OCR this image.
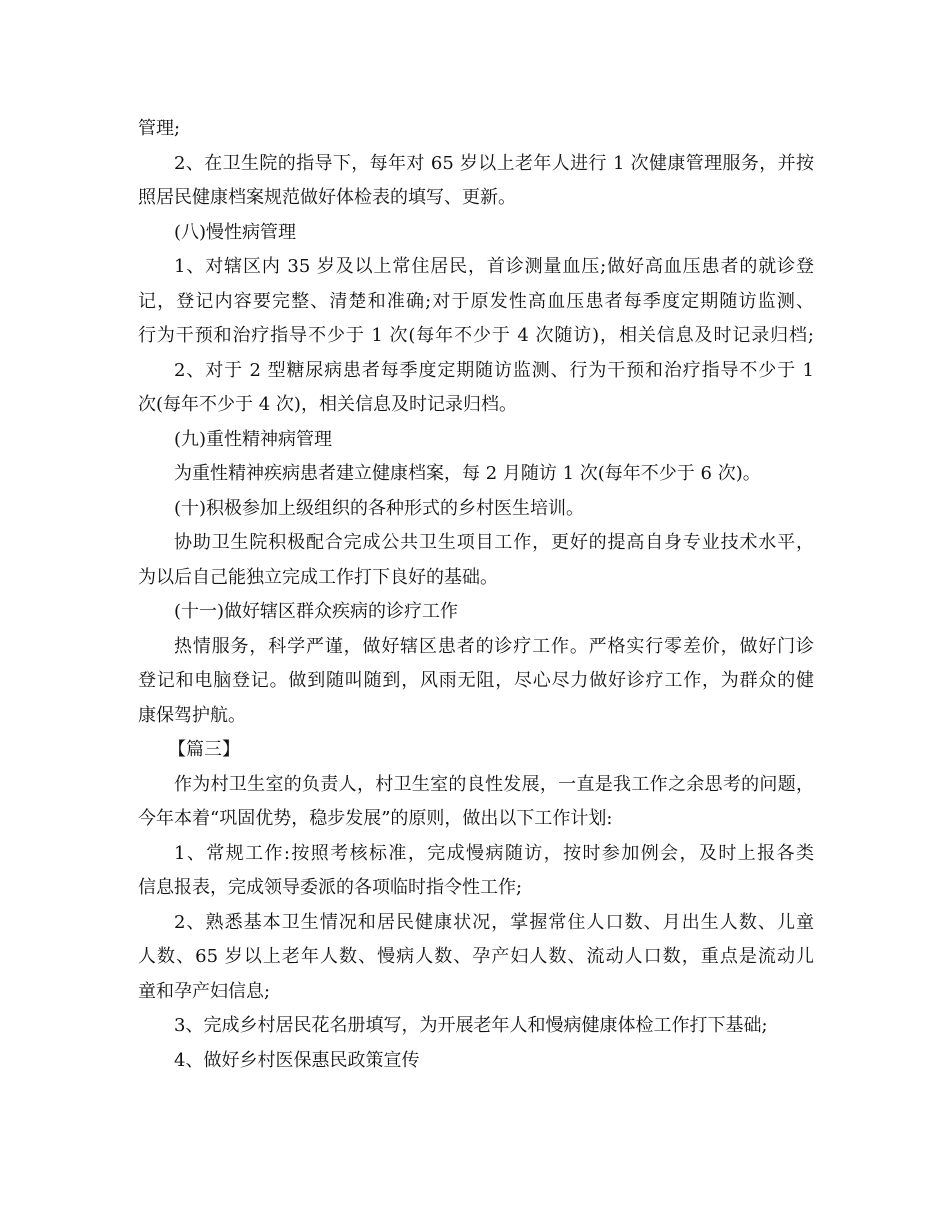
管理;

2、在卫生院的指导下，每年对 65 岁以上老年人进行 1 次健康管理服务，并按

照居民健康档案规范做好体检表的填写、更新。

(八)慢性病管理

1、对辖区内 35 岁及以上常住居民，首诊测量血压;做好高血压患者的就诊登

记，登记内容要完整、清楚和准确;对于原发性高血压患者每季度定期随访监测、

行为干预和治疗指导不少于 1 次(每年不少于 4 次随访)，相关信息及时记录归档;

2、对于 2 型糖尿病患者每季度定期随访监测、行为干预和治疗指导不少于 1

次(每年不少于 4 次)，相关信息及时记录归档。

(九)重性精神病管理

为重性精神疾病患者建立健康档案，每 2 月随访 1 次(每年不少于 6 次)。

(十)积极参加上级组织的各种形式的乡村医生培训。

协助卫生院积极配合完成公共卫生项目工作，更好的提高自身专业技术水平，

为以后自己能独立完成工作打下良好的基础。

(十一)做好辖区群众疾病的诊疗工作

热情服务，科学严谨，做好辖区患者的诊疗工作。严格实行零差价，做好门诊

登记和电脑登记。做到随叫随到，风雨无阻，尽心尽力做好诊疗工作，为群众的健

康保驾护航。

【篇三】

作为村卫生室的负责人，村卫生室的良性发展，一直是我工作之余思考的问题，

今年本着“巩固优势，稳步发展”的原则，做出以下工作计划:

1、常规工作:按照考核标准，完成慢病随访，按时参加例会，及时上报各类

信息报表，完成领导委派的各项临时指令性工作;

2、熟悉基本卫生情况和居民健康状况，掌握常住人口数、月出生人数、儿童

人数、65 岁以上老年人数、慢病人数、孕产妇人数、流动人口数，重点是流动儿

童和孕产妇信息;

3、完成乡村居民花名册填写，为开展老年人和慢病健康体检工作打下基础;

4、做好乡村医保惠民政策宣传
